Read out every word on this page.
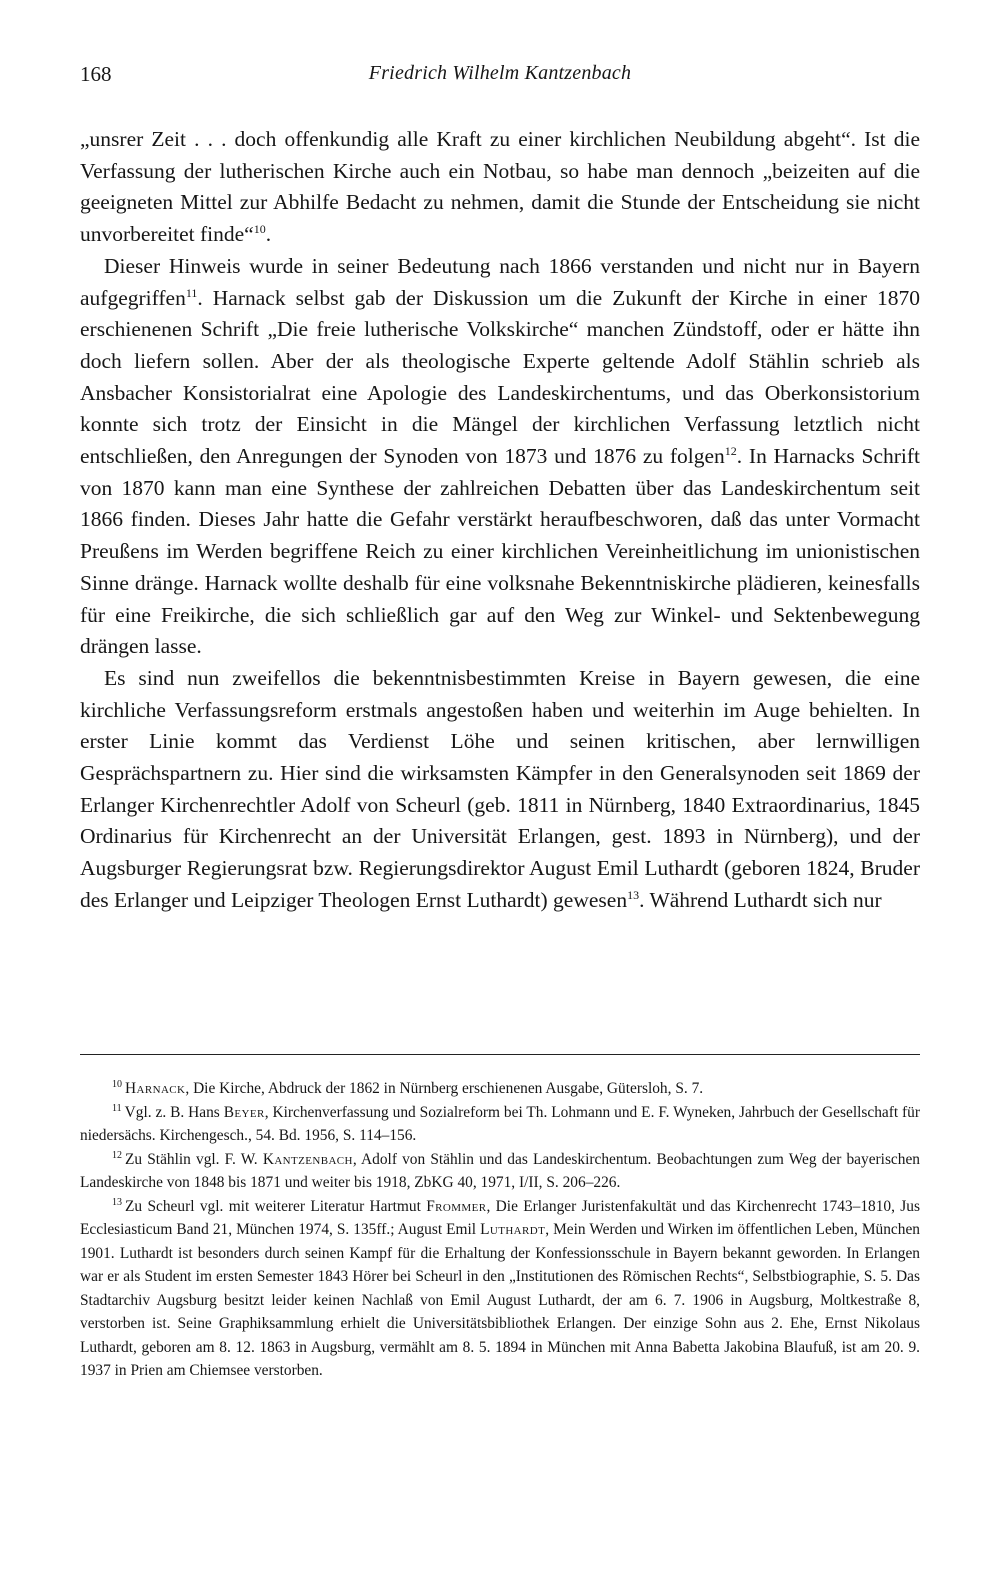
168	Friedrich Wilhelm Kantzenbach

„unsrer Zeit . . . doch offenkundig alle Kraft zu einer kirchlichen Neubildung abgeht“. Ist die Verfassung der lutherischen Kirche auch ein Notbau, so habe man dennoch „beizeiten auf die geeigneten Mittel zur Abhilfe Bedacht zu nehmen, damit die Stunde der Entscheidung sie nicht unvorbereitet finde“$^{10}$.

Dieser Hinweis wurde in seiner Bedeutung nach 1866 verstanden und nicht nur in Bayern aufgegriffen$^{11}$. Harnack selbst gab der Diskussion um die Zukunft der Kirche in einer 1870 erschienenen Schrift „Die freie lutherische Volkskirche“ manchen Zündstoff, oder er hätte ihn doch liefern sollen. Aber der als theologische Experte geltende Adolf Stählin schrieb als Ansbacher Konsistorialrat eine Apologie des Landeskirchentums, und das Oberkonsistorium konnte sich trotz der Einsicht in die Mängel der kirchlichen Verfassung letztlich nicht entschließen, den Anregungen der Synoden von 1873 und 1876 zu folgen$^{12}$. In Harnacks Schrift von 1870 kann man eine Synthese der zahlreichen Debatten über das Landeskirchentum seit 1866 finden. Dieses Jahr hatte die Gefahr verstärkt heraufbeschworen, daß das unter Vormacht Preußens im Werden begriffene Reich zu einer kirchlichen Vereinheitlichung im unionistischen Sinne dränge. Harnack wollte deshalb für eine volksnahe Bekenntniskirche plädieren, keinesfalls für eine Freikirche, die sich schließlich gar auf den Weg zur Winkel- und Sektenbewegung drängen lasse.

Es sind nun zweifellos die bekenntnisbestimmten Kreise in Bayern gewesen, die eine kirchliche Verfassungsreform erstmals angestoßen haben und weiterhin im Auge behielten. In erster Linie kommt das Verdienst Löhe und seinen kritischen, aber lernwilligen Gesprächspartnern zu. Hier sind die wirksamsten Kämpfer in den Generalsynoden seit 1869 der Erlanger Kirchenrechtler Adolf von Scheurl (geb. 1811 in Nürnberg, 1840 Extraordinarius, 1845 Ordinarius für Kirchenrecht an der Universität Erlangen, gest. 1893 in Nürnberg), und der Augsburger Regierungsrat bzw. Regierungsdirektor August Emil Luthardt (geboren 1824, Bruder des Erlanger und Leipziger Theologen Ernst Luthardt) gewesen$^{13}$. Während Luthardt sich nur

$^{10}$ Harnack, Die Kirche, Abdruck der 1862 in Nürnberg erschienenen Ausgabe, Gütersloh, S. 7.

$^{11}$ Vgl. z. B. Hans Beyer, Kirchenverfassung und Sozialreform bei Th. Lohmann und E. F. Wyneken, Jahrbuch der Gesellschaft für niedersächs. Kirchengesch., 54. Bd. 1956, S. 114–156.

$^{12}$ Zu Stählin vgl. F. W. Kantzenbach, Adolf von Stählin und das Landeskirchentum. Beobachtungen zum Weg der bayerischen Landeskirche von 1848 bis 1871 und weiter bis 1918, ZbKG 40, 1971, I/II, S. 206–226.

$^{13}$ Zu Scheurl vgl. mit weiterer Literatur Hartmut Frommer, Die Erlanger Juristenfakultät und das Kirchenrecht 1743–1810, Jus Ecclesiasticum Band 21, München 1974, S. 135ff.; August Emil Luthardt, Mein Werden und Wirken im öffentlichen Leben, München 1901. Luthardt ist besonders durch seinen Kampf für die Erhaltung der Konfessionsschule in Bayern bekannt geworden. In Erlangen war er als Student im ersten Semester 1843 Hörer bei Scheurl in den „Institutionen des Römischen Rechts“, Selbstbiographie, S. 5. Das Stadtarchiv Augsburg besitzt leider keinen Nachlaß von Emil August Luthardt, der am 6. 7. 1906 in Augsburg, Moltkestraße 8, verstorben ist. Seine Graphiksammlung erhielt die Universitätsbibliothek Erlangen. Der einzige Sohn aus 2. Ehe, Ernst Nikolaus Luthardt, geboren am 8. 12. 1863 in Augsburg, vermählt am 8. 5. 1894 in München mit Anna Babetta Jakobina Blaufuß, ist am 20. 9. 1937 in Prien am Chiemsee verstorben.
